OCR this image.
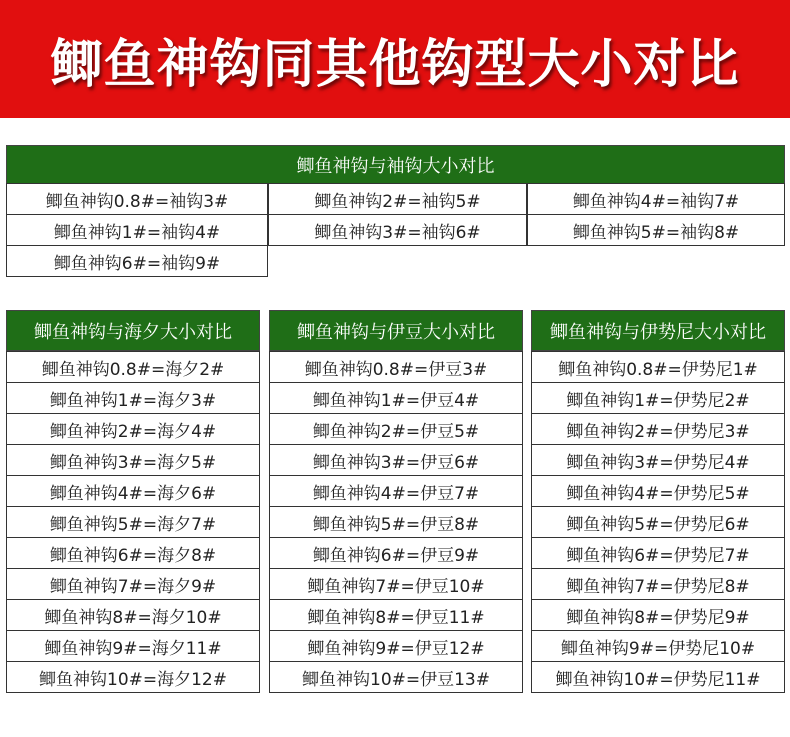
鲫鱼神钩同其他钩型大小对比
鲫鱼神钩与袖钩大小对比
鲫鱼神钩0.8#=袖钩3#
鲫鱼神钩1#=袖钩4#
鲫鱼神钩6#=袖钩9#
鲫鱼神钩2#=袖钩5#
鲫鱼神钩3#=袖钩6#
鲫鱼神钩4#=袖钩7#
鲫鱼神钩5#=袖钩8#
鲫鱼神钩与海夕大小对比
鲫鱼神钩0.8#=海夕2#
鲫鱼神钩1#=海夕3#
鲫鱼神钩2#=海夕4#
鲫鱼神钩3#=海夕5#
鲫鱼神钩4#=海夕6#
鲫鱼神钩5#=海夕7#
鲫鱼神钩6#=海夕8#
鲫鱼神钩7#=海夕9#
鲫鱼神钩8#=海夕10#
鲫鱼神钩9#=海夕11#
鲫鱼神钩10#=海夕12#
鲫鱼神钩与伊豆大小对比
鲫鱼神钩0.8#=伊豆3#
鲫鱼神钩1#=伊豆4#
鲫鱼神钩2#=伊豆5#
鲫鱼神钩3#=伊豆6#
鲫鱼神钩4#=伊豆7#
鲫鱼神钩5#=伊豆8#
鲫鱼神钩6#=伊豆9#
鲫鱼神钩7#=伊豆10#
鲫鱼神钩8#=伊豆11#
鲫鱼神钩9#=伊豆12#
鲫鱼神钩10#=伊豆13#
鲫鱼神钩与伊势尼大小对比
鲫鱼神钩0.8#=伊势尼1#
鲫鱼神钩1#=伊势尼2#
鲫鱼神钩2#=伊势尼3#
鲫鱼神钩3#=伊势尼4#
鲫鱼神钩4#=伊势尼5#
鲫鱼神钩5#=伊势尼6#
鲫鱼神钩6#=伊势尼7#
鲫鱼神钩7#=伊势尼8#
鲫鱼神钩8#=伊势尼9#
鲫鱼神钩9#=伊势尼10#
鲫鱼神钩10#=伊势尼11#
